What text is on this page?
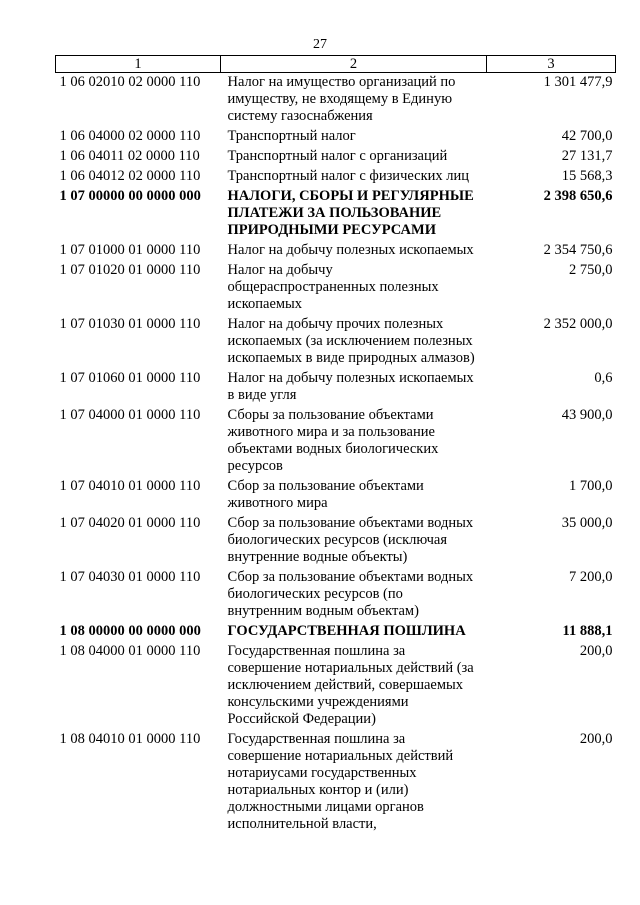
27
1	2	3
1 06 02010 02 0000 110	Налог на имущество организаций по имуществу, не входящему в Единую систему газоснабжения	1 301 477,9
1 06 04000 02 0000 110	Транспортный налог	42 700,0
1 06 04011 02 0000 110	Транспортный налог с организаций	27 131,7
1 06 04012 02 0000 110	Транспортный налог с физических лиц	15 568,3
1 07 00000 00 0000 000	НАЛОГИ, СБОРЫ И РЕГУЛЯРНЫЕ ПЛАТЕЖИ ЗА ПОЛЬЗОВАНИЕ ПРИРОДНЫМИ РЕСУРСАМИ	2 398 650,6
1 07 01000 01 0000 110	Налог на добычу полезных ископаемых	2 354 750,6
1 07 01020 01 0000 110	Налог на добычу общераспространенных полезных ископаемых	2 750,0
1 07 01030 01 0000 110	Налог на добычу прочих полезных ископаемых (за исключением полезных ископаемых в виде природных алмазов)	2 352 000,0
1 07 01060 01 0000 110	Налог на добычу полезных ископаемых в виде угля	0,6
1 07 04000 01 0000 110	Сборы за пользование объектами животного мира и за пользование объектами водных биологических ресурсов	43 900,0
1 07 04010 01 0000 110	Сбор за пользование объектами животного мира	1 700,0
1 07 04020 01 0000 110	Сбор за пользование объектами водных биологических ресурсов (исключая внутренние водные объекты)	35 000,0
1 07 04030 01 0000 110	Сбор за пользование объектами водных биологических ресурсов (по внутренним водным объектам)	7 200,0
1 08 00000 00 0000 000	ГОСУДАРСТВЕННАЯ ПОШЛИНА	11 888,1
1 08 04000 01 0000 110	Государственная пошлина за совершение нотариальных действий (за исключением действий, совершаемых консульскими учреждениями Российской Федерации)	200,0
1 08 04010 01 0000 110	Государственная пошлина за совершение нотариальных действий нотариусами государственных нотариальных контор и (или) должностными лицами органов исполнительной власти,	200,0
